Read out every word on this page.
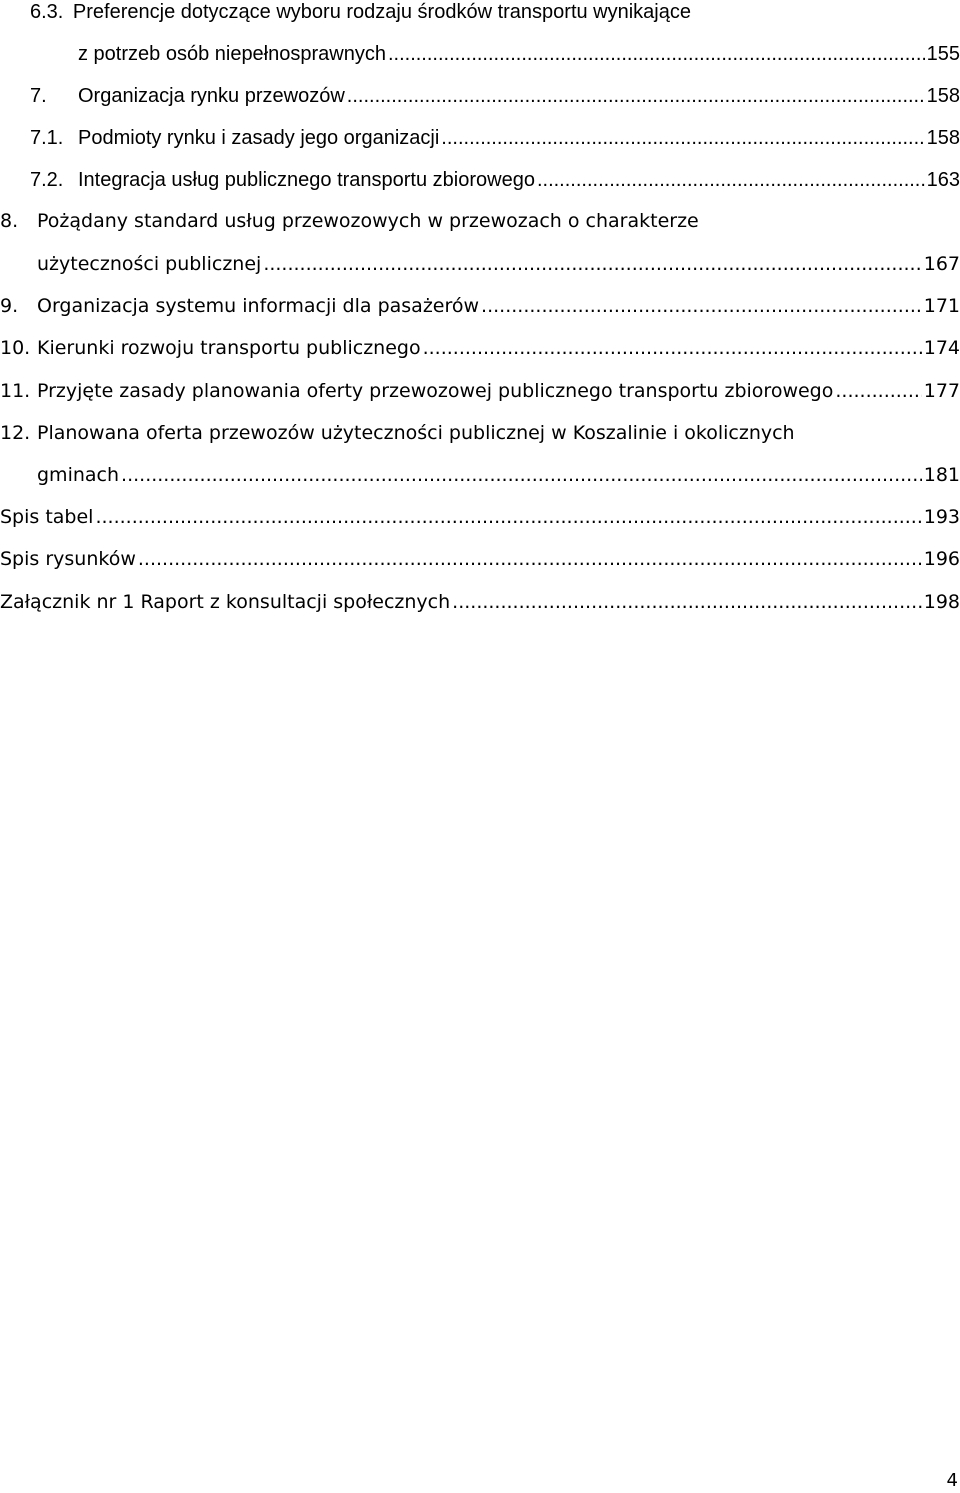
6.3. Preferencje dotyczące wyboru rodzaju środków transportu wynikające
z potrzeb osób niepełnosprawnych .....	155
7.	Organizacja rynku przewozów .....	158
7.1. Podmioty rynku i zasady jego organizacji .....	158
7.2. Integracja usług publicznego transportu zbiorowego .....	163
8. Pożądany standard usług przewozowych w przewozach o charakterze
użyteczności publicznej .....	167
9. Organizacja systemu informacji dla pasażerów .....	171
10. Kierunki rozwoju transportu publicznego .....	174
11. Przyjęte zasady planowania oferty przewozowej publicznego transportu zbiorowego .....	177
12. Planowana oferta przewozów użyteczności publicznej w Koszalinie i okolicznych
gminach .....	181
Spis tabel .....	193
Spis rysunków .....	196
Załącznik nr 1 Raport z konsultacji społecznych .....	198
4
